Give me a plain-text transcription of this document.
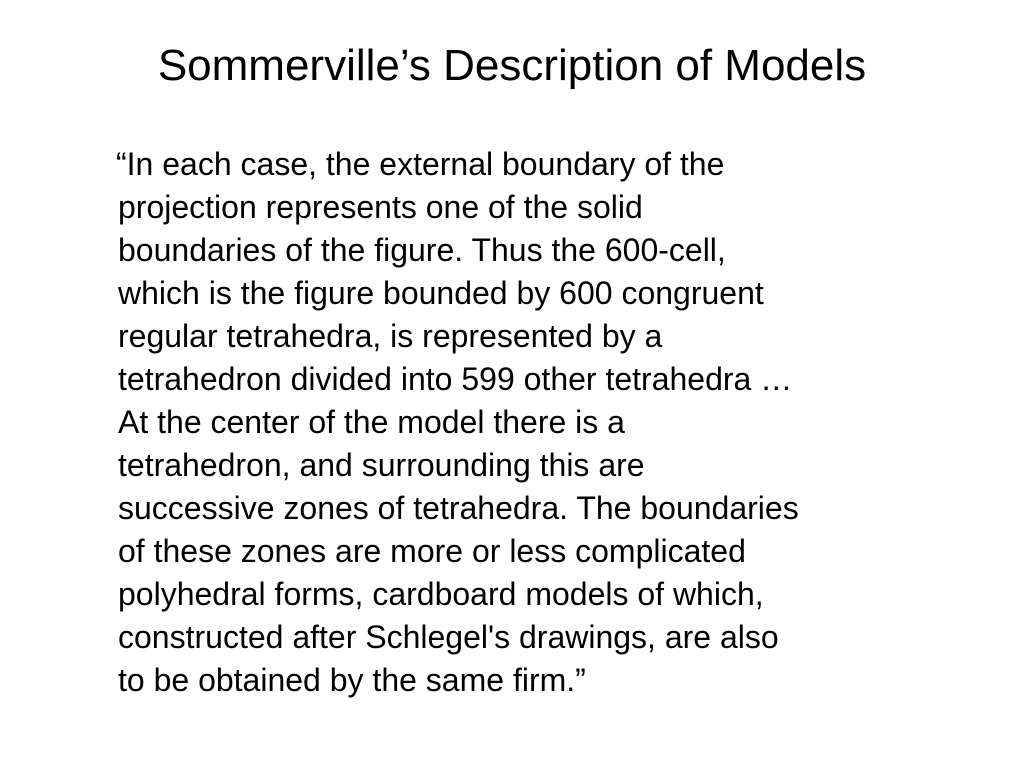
Sommerville’s Description of Models
“In each case, the external boundary of the
projection represents one of the solid
boundaries of the figure. Thus the 600-cell,
which is the figure bounded by 600 congruent
regular tetrahedra, is represented by a
tetrahedron divided into 599 other tetrahedra …
At the center of the model there is a
tetrahedron, and surrounding this are
successive zones of tetrahedra. The boundaries
of these zones are more or less complicated
polyhedral forms, cardboard models of which,
constructed after Schlegel's drawings, are also
to be obtained by the same firm.”
